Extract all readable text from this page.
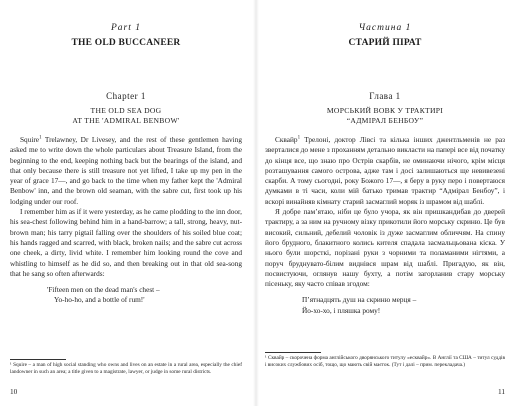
Part 1
THE OLD BUCCANEER
Chapter 1
THE OLD SEA DOG
AT THE 'ADMIRAL BENBOW'

Squire$^1$ Trelawney, Dr Livesey, and the rest of these gentlemen having asked me to write down the whole particulars about Treasure Island, from the beginning to the end, keeping nothing back but the bearings of the island, and that only because there is still treasure not yet lifted, I take up my pen in the year of grace 17—, and go back to the time when my father kept the 'Admiral Benbow' inn, and the brown old seaman, with the sabre cut, first took up his lodging under our roof.

I remember him as if it were yesterday, as he came plodding to the inn door, his sea-chest following behind him in a hand-barrow; a tall, strong, heavy, nut-brown man; his tarry pigtail falling over the shoulders of his soiled blue coat; his hands ragged and scarred, with black, broken nails; and the sabre cut across one cheek, a dirty, livid white. I remember him looking round the cove and whistling to himself as he did so, and then breaking out in that old sea-song that he sang so often afterwards:

'Fifteen men on the dead man's chest –
Yo-ho-ho, and a bottle of rum!'
¹ Squire – a man of high social standing who owns and lives on an estate in a rural area, especially the chief landowner in such an area; a title given to a magistrate, lawyer, or judge in some rural districts.
10
Частина 1
СТАРИЙ ПІРАТ
Глава 1
МОРСЬКИЙ ВОВК У ТРАКТИРІ
“АДМІРАЛ БЕНБОУ”

Сквайр$^1$ Трелоні, доктор Лівсі та кілька інших джентльменів не раз зверталися до мене з проханням детально викласти на папері все від початку до кінця все, що знаю про Острів скарбів, не оминаючи нічого, крім місця розташування самого острова, адже там і досі залишаються ще невивезені скарби. А тому сьогодні, року Божого 17—, я беру в руку перо і повертаюся думками в ті часи, коли мій батько тримав трактир “Адмірал Бенбоу”, і вскорі винайняв кімнату старий засмаглий моряк із шрамом від шаблі.

Я добре пам’ятаю, ніби це було учора, як він пришкандибав до дверей трактиру, а за ним на ручному візку прикотили його морську скриню. Це був високий, сильний, дебелий чоловік із дуже засмаглим обличчям. На спину його брудного, блакитного колись кителя спадала засмальцьована кіска. У нього були шорсткі, порізані руки з чорними та поламаними нігтями, а поруч бруднувато-білим виднівся шрам від шаблі. Пригадую, як він, посвистуючи, оглянув нашу бухту, а потім загорланив стару морську пісеньку, яку часто співав згодом:

П’ятнадцять душ на скриню мерця –
Йо-хо-хо, і пляшка рому!
¹ Сквайр – скорочена форма англійського дворянського титулу «есквайр». В Англії та США – титул суддів і високих службових осіб, тощо, що мають свій маєток. (Тут і далі – прим. перекладача.)
11
